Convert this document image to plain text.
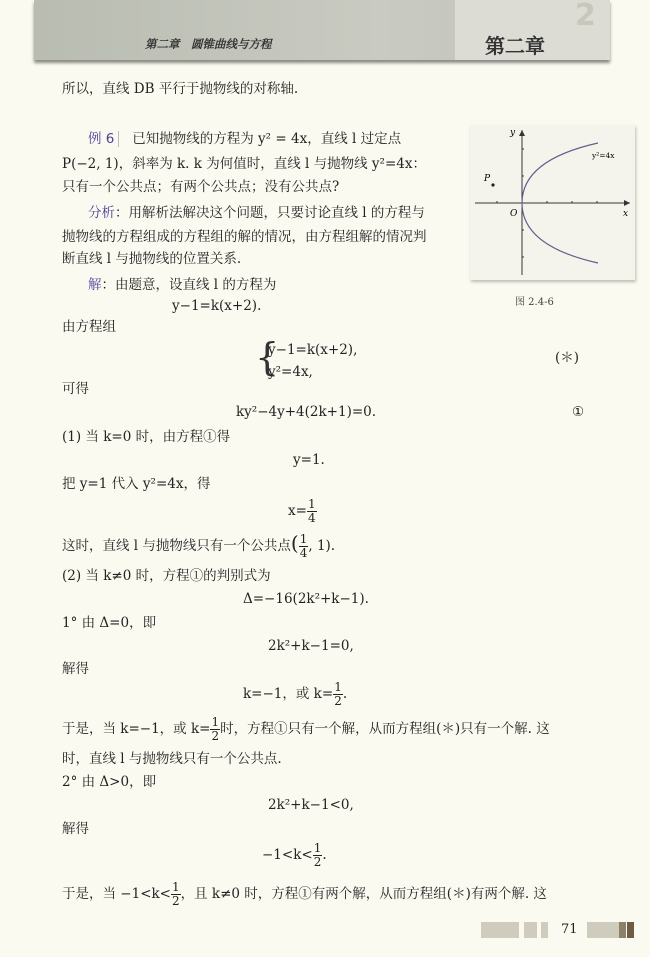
2
第二章　圆锥曲线与方程	第二章
所以，直线 DB 平行于抛物线的对称轴.
例 6 已知抛物线的方程为 y² = 4x，直线 l 过定点
P(−2, 1)，斜率为 k. k 为何值时，直线 l 与抛物线 y²=4x：
只有一个公共点；有两个公共点；没有公共点?
分析：用解析法解决这个问题，只要讨论直线 l 的方程与
抛物线的方程组成的方程组的解的情况，由方程组解的情况判
断直线 l 与抛物线的位置关系.
解：由题意，设直线 l 的方程为
y−1=k(x+2).
由方程组
{
y−1=k(x+2),
y²=4x,
(＊)
可得
ky²−4y+4(2k+1)=0.	①
(1) 当 k=0 时，由方程①得
y=1.
把 y=1 代入 y²=4x，得
$x= \frac{1}{4}$
这时，直线 l 与抛物线只有一个公共点( $\frac{1}{4}$ , 1).
(2) 当 k≠0 时，方程①的判别式为
Δ=−16(2k²+k−1).
1° 由 Δ=0，即
2k²+k−1=0,
解得
k=−1，或 $k= \frac{1}{2}$ .
于是，当 k=−1，或 $k= \frac{1}{2}$ 时，方程①只有一个解，从而方程组(＊)只有一个解. 这
时，直线 l 与抛物线只有一个公共点.
2° 由 Δ>0，即
2k²+k−1<0,
解得
$-1<k< \frac{1}{2}$ .
于是，当 $-1<k< \frac{1}{2}$ ，且 k≠0 时，方程①有两个解，从而方程组(＊)有两个解. 这
y
x
O
P
y²=4x
图 2.4-6
71
